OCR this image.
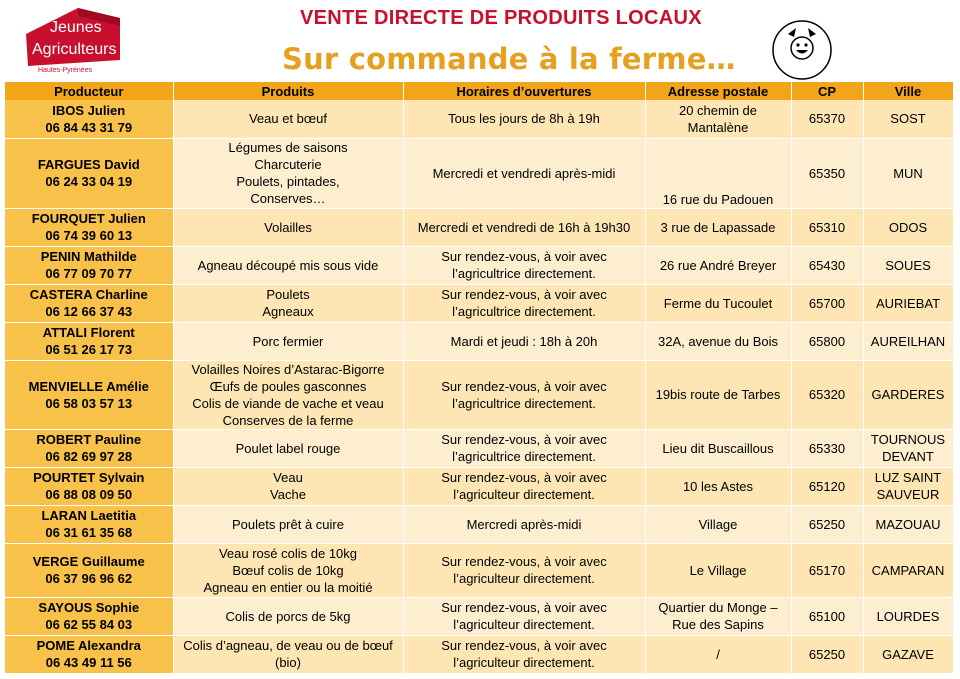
Jeunes
Agriculteurs
Hautes-Pyrénées
VENTE DIRECTE DE PRODUITS LOCAUX
Sur commande à la ferme…
Producteur	Produits	Horaires d’ouvertures	Adresse postale	CP	Ville

IBOS Julien
06 84 43 31 79	Veau et bœuf	Tous les jours de 8h à 19h	20 chemin de
Mantalène	65370	SOST

FARGUES David
06 24 33 04 19	Légumes de saisons
Charcuterie
Poulets, pintades,
Conserves…	Mercredi et vendredi après-midi	16 rue du Padouen	65350	MUN

FOURQUET Julien
06 74 39 60 13	Volailles	Mercredi et vendredi de 16h à 19h30	3 rue de Lapassade	65310	ODOS

PENIN Mathilde
06 77 09 70 77	Agneau découpé mis sous vide	Sur rendez-vous, à voir avec
l’agricultrice directement.	26 rue André Breyer	65430	SOUES

CASTERA Charline
06 12 66 37 43	Poulets
Agneaux	Sur rendez-vous, à voir avec
l’agricultrice directement.	Ferme du Tucoulet	65700	AURIEBAT

ATTALI Florent
06 51 26 17 73	Porc fermier	Mardi et jeudi : 18h à 20h	32A, avenue du Bois	65800	AUREILHAN

MENVIELLE Amélie
06 58 03 57 13	Volailles Noires d’Astarac-Bigorre
Œufs de poules gasconnes
Colis de viande de vache et veau
Conserves de la ferme	Sur rendez-vous, à voir avec
l’agricultrice directement.	19bis route de Tarbes	65320	GARDERES

ROBERT Pauline
06 82 69 97 28	Poulet label rouge	Sur rendez-vous, à voir avec
l’agricultrice directement.	Lieu dit Buscaillous	65330	TOURNOUS
DEVANT

POURTET Sylvain
06 88 08 09 50	Veau
Vache	Sur rendez-vous, à voir avec
l’agriculteur directement.	10 les Astes	65120	LUZ SAINT
SAUVEUR

LARAN Laetitia
06 31 61 35 68	Poulets prêt à cuire	Mercredi après-midi	Village	65250	MAZOUAU

VERGE Guillaume
06 37 96 96 62	Veau rosé colis de 10kg
Bœuf colis de 10kg
Agneau en entier ou la moitié	Sur rendez-vous, à voir avec
l’agriculteur directement.	Le Village	65170	CAMPARAN

SAYOUS Sophie
06 62 55 84 03	Colis de porcs de 5kg	Sur rendez-vous, à voir avec
l’agriculteur directement.	Quartier du Monge –
Rue des Sapins	65100	LOURDES

POME Alexandra
06 43 49 11 56	Colis d’agneau, de veau ou de bœuf
(bio)	Sur rendez-vous, à voir avec
l’agriculteur directement.	/	65250	GAZAVE
